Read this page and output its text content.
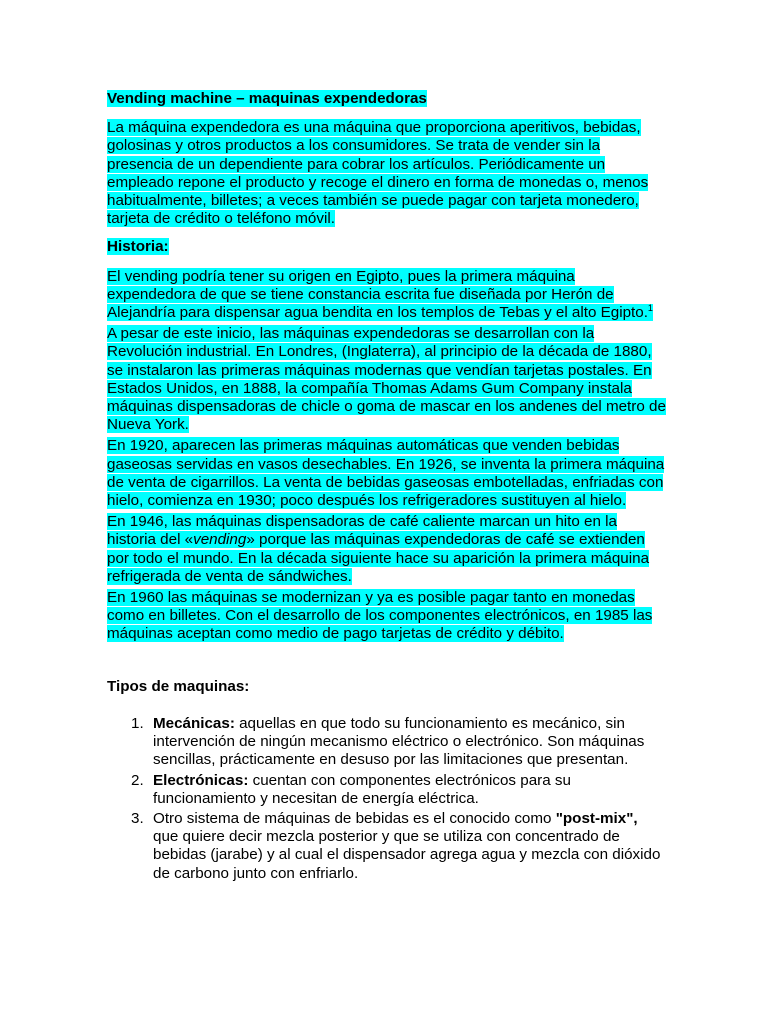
Vending machine – maquinas expendedoras

La máquina expendedora es una máquina que proporciona aperitivos, bebidas, golosinas y otros productos a los consumidores. Se trata de vender sin la presencia de un dependiente para cobrar los artículos. Periódicamente un empleado repone el producto y recoge el dinero en forma de monedas o, menos habitualmente, billetes; a veces también se puede pagar con tarjeta monedero, tarjeta de crédito o teléfono móvil.

Historia:

El vending podría tener su origen en Egipto, pues la primera máquina expendedora de que se tiene constancia escrita fue diseñada por Herón de Alejandría para dispensar agua bendita en los templos de Tebas y el alto Egipto.$^1$

A pesar de este inicio, las máquinas expendedoras se desarrollan con la Revolución industrial. En Londres, (Inglaterra), al principio de la década de 1880, se instalaron las primeras máquinas modernas que vendían tarjetas postales. En Estados Unidos, en 1888, la compañía Thomas Adams Gum Company instala máquinas dispensadoras de chicle o goma de mascar en los andenes del metro de Nueva York.

En 1920, aparecen las primeras máquinas automáticas que venden bebidas gaseosas servidas en vasos desechables. En 1926, se inventa la primera máquina de venta de cigarrillos. La venta de bebidas gaseosas embotelladas, enfriadas con hielo, comienza en 1930; poco después los refrigeradores sustituyen al hielo.

En 1946, las máquinas dispensadoras de café caliente marcan un hito en la historia del «vending» porque las máquinas expendedoras de café se extienden por todo el mundo. En la década siguiente hace su aparición la primera máquina refrigerada de venta de sándwiches.

En 1960 las máquinas se modernizan y ya es posible pagar tanto en monedas como en billetes. Con el desarrollo de los componentes electrónicos, en 1985 las máquinas aceptan como medio de pago tarjetas de crédito y débito.

Tipos de maquinas:

1. Mecánicas: aquellas en que todo su funcionamiento es mecánico, sin intervención de ningún mecanismo eléctrico o electrónico. Son máquinas sencillas, prácticamente en desuso por las limitaciones que presentan.
2. Electrónicas: cuentan con componentes electrónicos para su funcionamiento y necesitan de energía eléctrica.
3. Otro sistema de máquinas de bebidas es el conocido como "post-mix", que quiere decir mezcla posterior y que se utiliza con concentrado de bebidas (jarabe) y al cual el dispensador agrega agua y mezcla con dióxido de carbono junto con enfriarlo.
